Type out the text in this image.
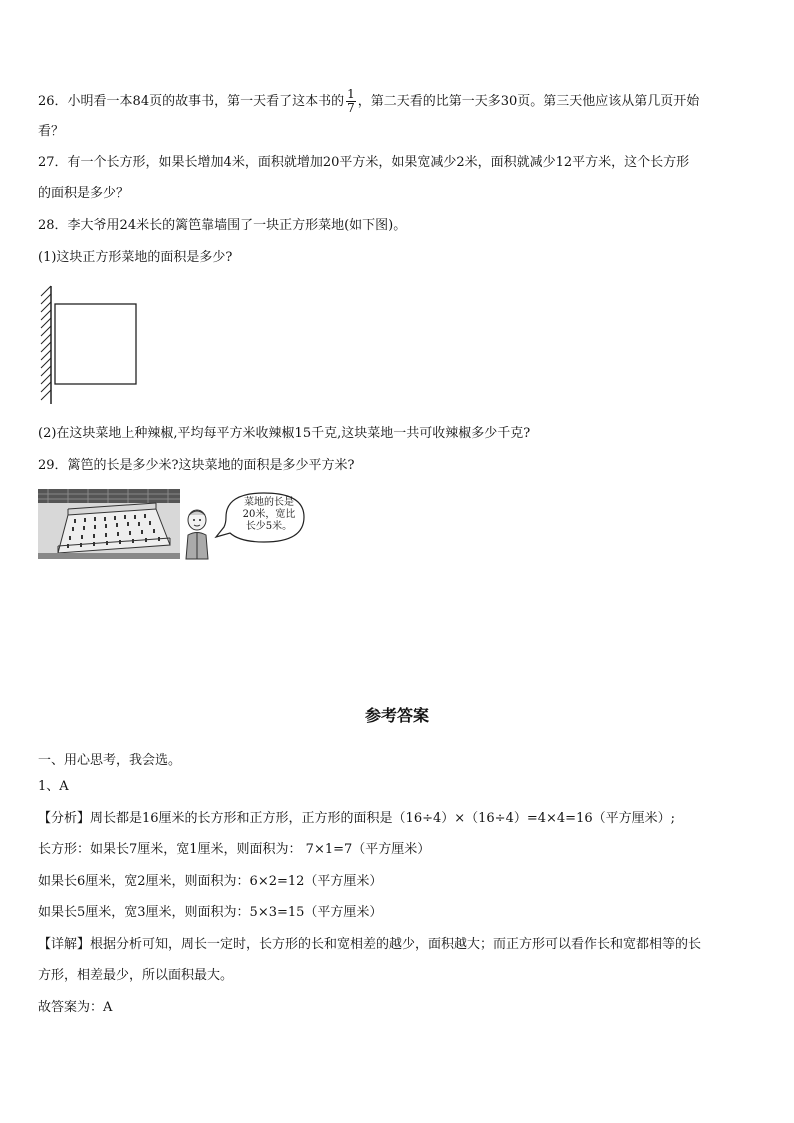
26．小明看一本84页的故事书，第一天看了这本书的 $\frac{1}{7}$ ，第二天看的比第一天多30页。第三天他应该从第几页开始
看？
27．有一个长方形，如果长增加4米，面积就增加20平方米，如果宽减少2米，面积就减少12平方米，这个长方形
的面积是多少？
28．李大爷用24米长的篱笆靠墙围了一块正方形菜地(如下图)。
(1)这块正方形菜地的面积是多少?
(2)在这块菜地上种辣椒,平均每平方米收辣椒15千克,这块菜地一共可收辣椒多少千克?
29．篱笆的长是多少米?这块菜地的面积是多少平方米?
菜地的长是
20米，宽比
长少5米。
参考答案
一、用心思考，我会选。
1、A
【分析】周长都是16厘米的长方形和正方形，正方形的面积是（16÷4）×（16÷4）=4×4=16（平方厘米）;
长方形：如果长7厘米，宽1厘米，则面积为： 7×1=7（平方厘米）
如果长6厘米，宽2厘米，则面积为：6×2=12（平方厘米）
如果长5厘米，宽3厘米，则面积为：5×3=15（平方厘米）
【详解】根据分析可知，周长一定时，长方形的长和宽相差的越少，面积越大；而正方形可以看作长和宽都相等的长
方形，相差最少，所以面积最大。
故答案为：A
